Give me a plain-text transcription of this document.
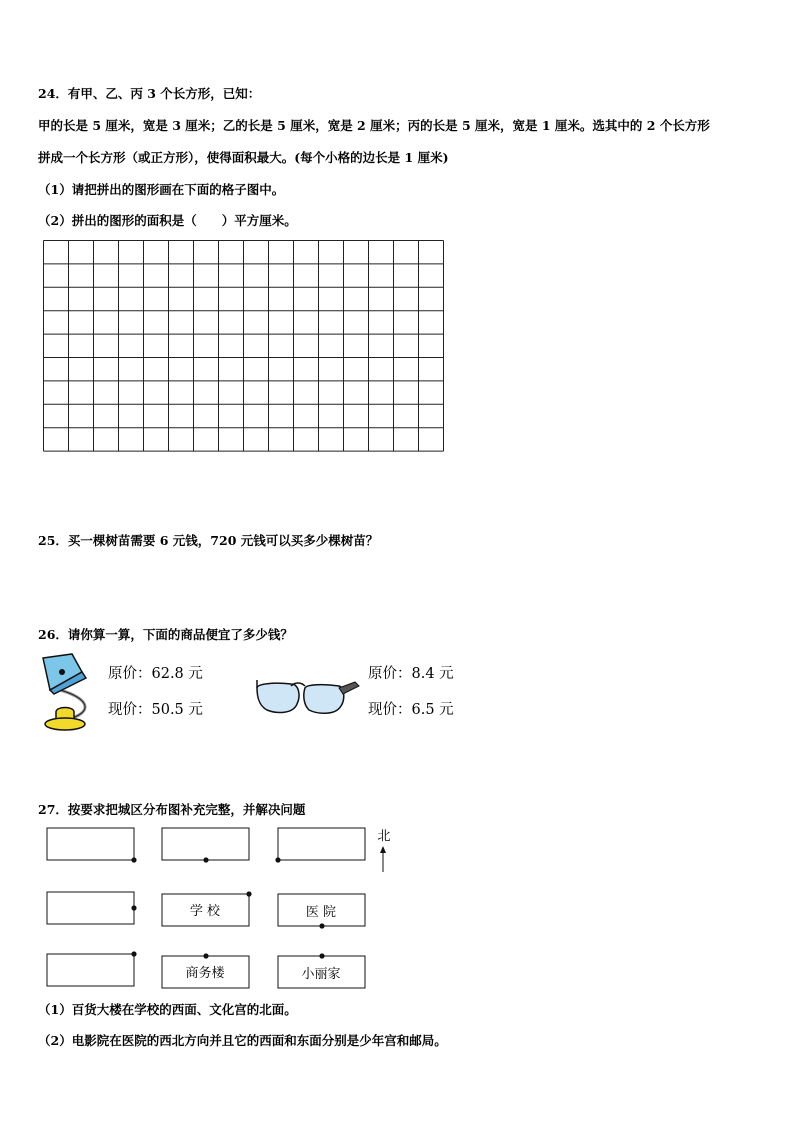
24．有甲、乙、丙 3 个长方形，已知：
甲的长是 5 厘米，宽是 3 厘米；乙的长是 5 厘米，宽是 2 厘米；丙的长是 5 厘米，宽是 1 厘米。选其中的 2 个长方形
拼成一个长方形（或正方形），使得面积最大。(每个小格的边长是 1 厘米)
（1）请把拼出的图形画在下面的格子图中。
（2）拼出的图形的面积是（　　）平方厘米。
25．买一棵树苗需要 6 元钱，720 元钱可以买多少棵树苗？
26．请你算一算，下面的商品便宜了多少钱？
原价：62.8 元
现价：50.5 元
原价：8.4 元
现价：6.5 元
27．按要求把城区分布图补充完整，并解决问题
学 校	医 院
商务楼	小丽家
北
（1）百货大楼在学校的西面、文化宫的北面。
（2）电影院在医院的西北方向并且它的西面和东面分别是少年宫和邮局。
